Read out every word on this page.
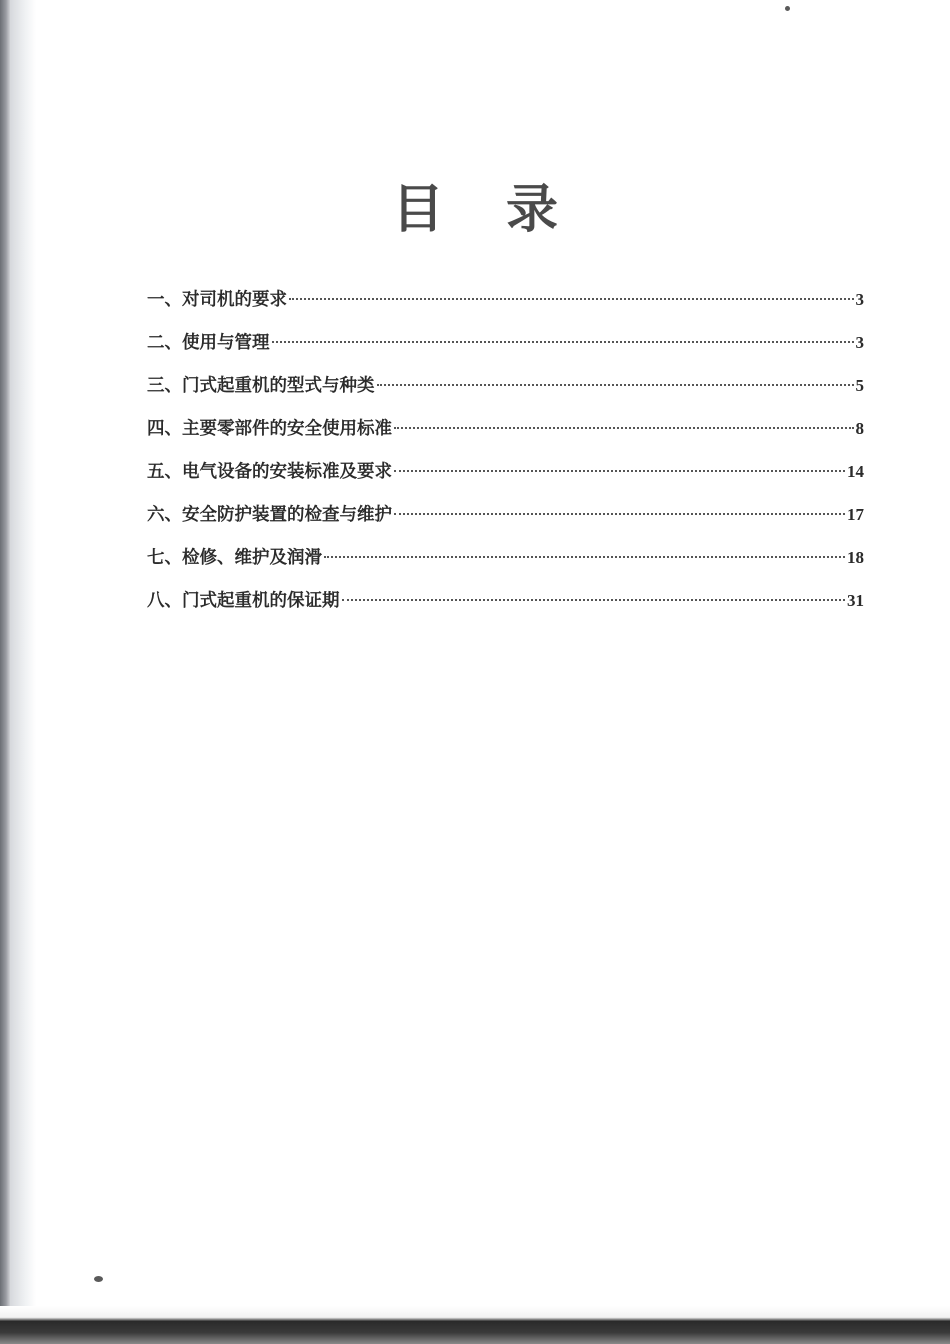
目 录
一、对司机的要求	3
二、使用与管理	3
三、门式起重机的型式与种类	5
四、主要零部件的安全使用标准	8
五、电气设备的安装标准及要求	14
六、安全防护装置的检查与维护	17
七、检修、维护及润滑	18
八、门式起重机的保证期	31
